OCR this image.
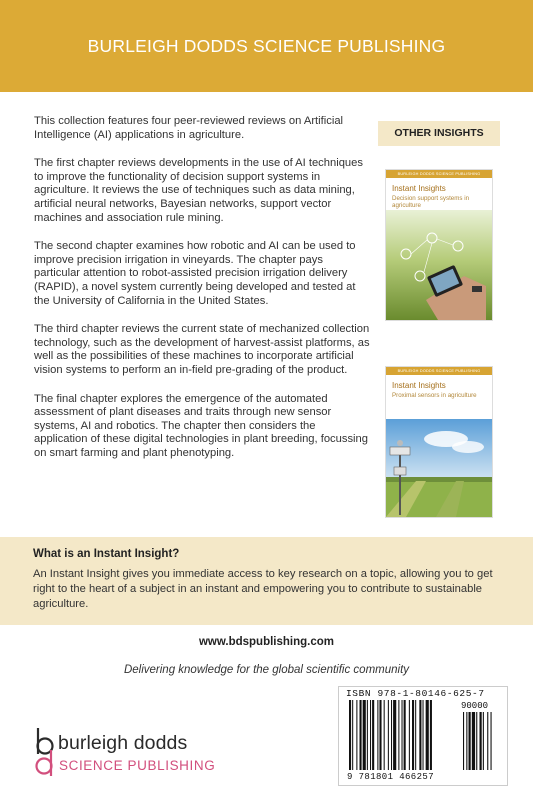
BURLEIGH DODDS SCIENCE PUBLISHING

This collection features four peer-reviewed reviews on Artificial Intelligence (AI) applications in agriculture.

The first chapter reviews developments in the use of AI techniques to improve the functionality of decision support systems in agriculture. It reviews the use of techniques such as data mining, artificial neural networks, Bayesian networks, support vector machines and association rule mining.

The second chapter examines how robotic and AI can be used to improve precision irrigation in vineyards. The chapter pays particular attention to robot-assisted precision irrigation delivery (RAPID), a novel system currently being developed and tested at the University of California in the United States.

The third chapter reviews the current state of mechanized collection technology, such as the development of harvest-assist platforms, as well as the possibilities of these machines to incorporate artificial vision systems to perform an in-field pre-grading of the product.

The final chapter explores the emergence of the automated assessment of plant diseases and traits through new sensor systems, AI and robotics. The chapter then considers the application of these digital technologies in plant breeding, focussing on smart farming and plant phenotyping.

OTHER INSIGHTS
BURLEIGH DODDS SCIENCE PUBLISHING
Instant Insights
Decision support systems in agriculture
BURLEIGH DODDS SCIENCE PUBLISHING
Instant Insights
Proximal sensors in agriculture
What is an Instant Insight?
An Instant Insight gives you immediate access to key research on a topic, allowing you to get right to the heart of a subject in an instant and empowering you to contribute to sustainable agriculture.
www.bdspublishing.com
Delivering knowledge for the global scientific community
burleigh dodds
SCIENCE PUBLISHING
ISBN 978-1-80146-625-7
90000
9 781801 466257
